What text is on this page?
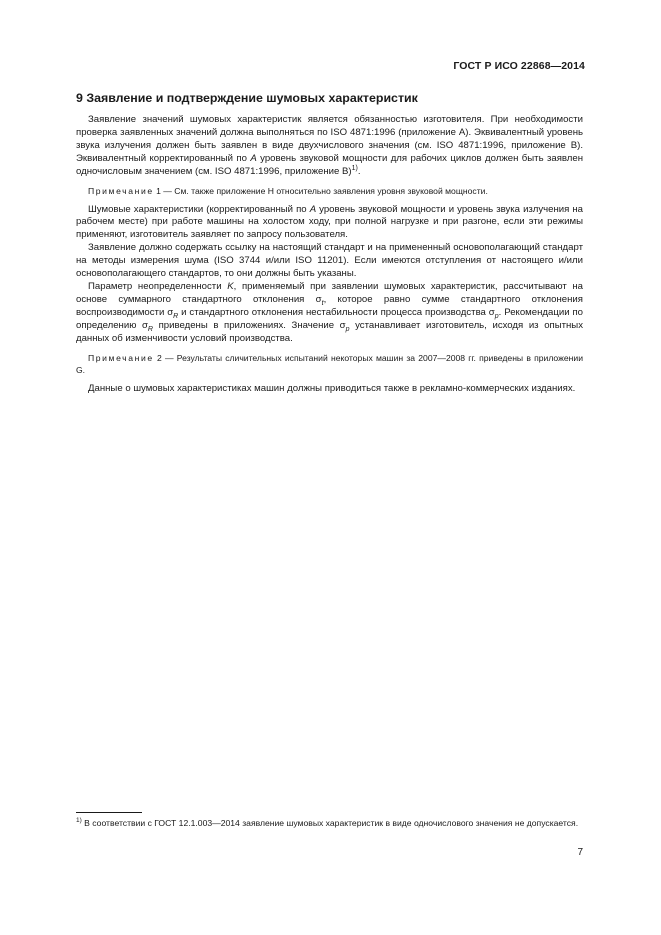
ГОСТ Р ИСО 22868—2014
9 Заявление и подтверждение шумовых характеристик

Заявление значений шумовых характеристик является обязанностью изготовителя. При необходимости проверка заявленных значений должна выполняться по ISO 4871:1996 (приложение A). Эквивалентный уровень звука излучения должен быть заявлен в виде двухчислового значения (см. ISO 4871:1996, приложение B). Эквивалентный корректированный по A уровень звуковой мощности для рабочих циклов должен быть заявлен одночисловым значением (см. ISO 4871:1996, приложение B)$^{1)}$.

Примечание 1 — См. также приложение H относительно заявления уровня звуковой мощности.

Шумовые характеристики (корректированный по A уровень звуковой мощности и уровень звука излучения на рабочем месте) при работе машины на холостом ходу, при полной нагрузке и при разгоне, если эти режимы применяют, изготовитель заявляет по запросу пользователя.

Заявление должно содержать ссылку на настоящий стандарт и на примененный основополагающий стандарт на методы измерения шума (ISO 3744 и/или ISO 11201). Если имеются отступления от настоящего и/или основополагающего стандартов, то они должны быть указаны.

Параметр неопределенности K, применяемый при заявлении шумовых характеристик, рассчитывают на основе суммарного стандартного отклонения $\sigma_t$, которое равно сумме стандартного отклонения воспроизводимости $\sigma_R$ и стандартного отклонения нестабильности процесса производства $\sigma_p$. Рекомендации по определению $\sigma_R$ приведены в приложениях. Значение $\sigma_p$ устанавливает изготовитель, исходя из опытных данных об изменчивости условий производства.

Примечание 2 — Результаты сличительных испытаний некоторых машин за 2007—2008 гг. приведены в приложении G.

Данные о шумовых характеристиках машин должны приводиться также в рекламно-коммерческих изданиях.

$^{1)}$ В соответствии с ГОСТ 12.1.003—2014 заявление шумовых характеристик в виде одночислового значения не допускается.
7
